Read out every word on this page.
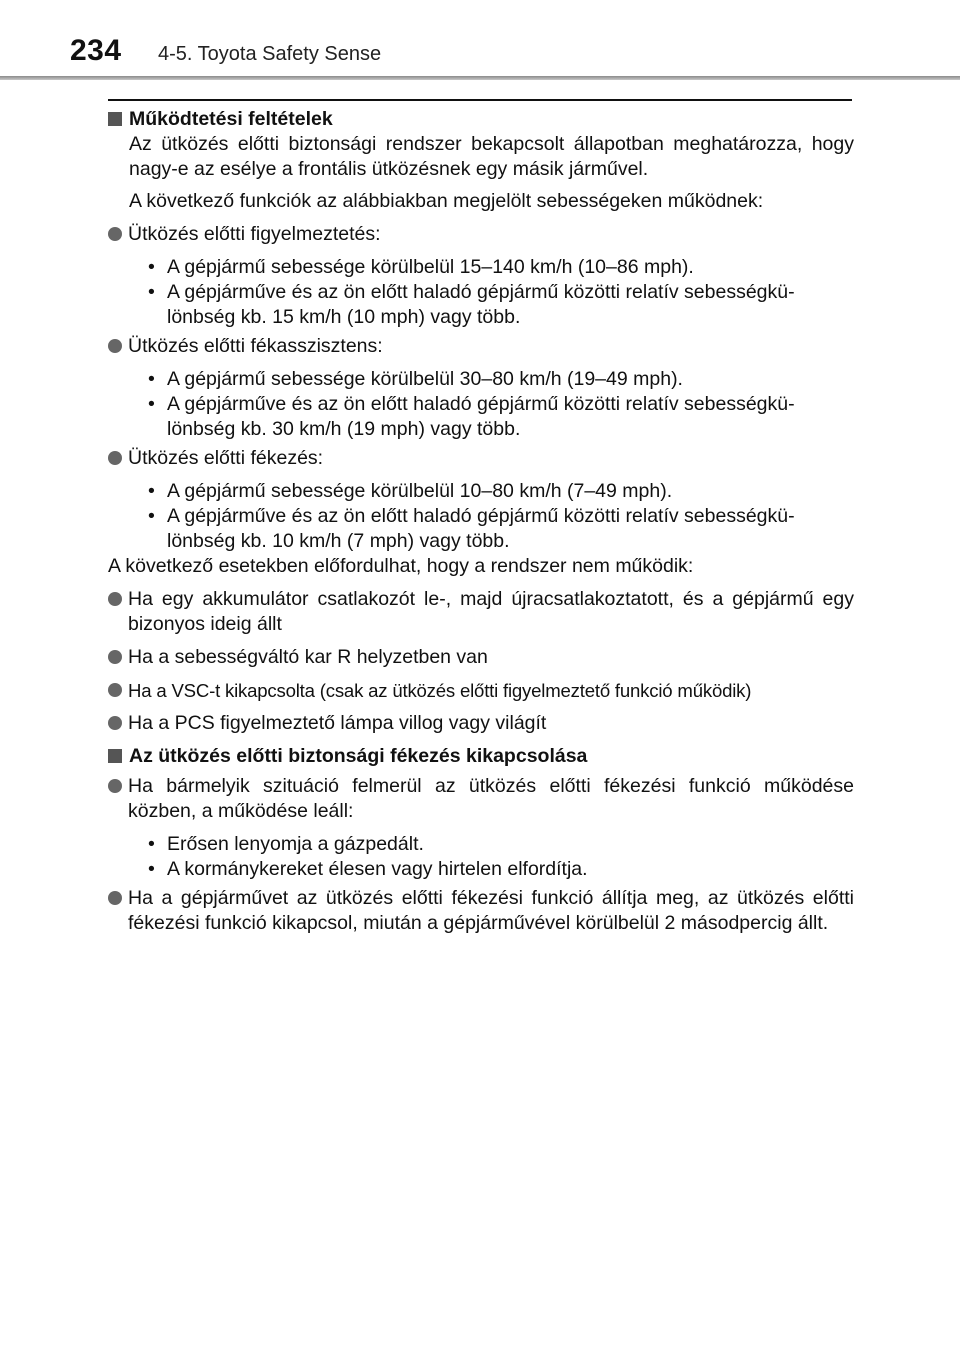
234 4-5. Toyota Safety Sense
Működtetési feltételek

Az ütközés előtti biztonsági rendszer bekapcsolt állapotban meghatározza, hogy nagy-e az esélye a frontális ütközésnek egy másik járművel.

A következő funkciók az alábbiakban megjelölt sebességeken működnek:

Ütközés előtti figyelmeztetés:
• A gépjármű sebessége körülbelül 15–140 km/h (10–86 mph).
• A gépjárműve és az ön előtt haladó gépjármű közötti relatív sebességkülönbség kb. 15 km/h (10 mph) vagy több.
Ütközés előtti fékasszisztens:
• A gépjármű sebessége körülbelül 30–80 km/h (19–49 mph).
• A gépjárműve és az ön előtt haladó gépjármű közötti relatív sebességkülönbség kb. 30 km/h (19 mph) vagy több.
Ütközés előtti fékezés:
• A gépjármű sebessége körülbelül 10–80 km/h (7–49 mph).
• A gépjárműve és az ön előtt haladó gépjármű közötti relatív sebességkülönbség kb. 10 km/h (7 mph) vagy több.

A következő esetekben előfordulhat, hogy a rendszer nem működik:

Ha egy akkumulátor csatlakozót le-, majd újracsatlakoztatott, és a gépjármű egy bizonyos ideig állt
Ha a sebességváltó kar R helyzetben van
Ha a VSC-t kikapcsolta (csak az ütközés előtti figyelmeztető funkció működik)
Ha a PCS figyelmeztető lámpa villog vagy világít
Az ütközés előtti biztonsági fékezés kikapcsolása
Ha bármelyik szituáció felmerül az ütközés előtti fékezési funkció működése közben, a működése leáll:
• Erősen lenyomja a gázpedált.
• A kormánykereket élesen vagy hirtelen elfordítja.
Ha a gépjárművet az ütközés előtti fékezési funkció állítja meg, az ütközés előtti fékezési funkció kikapcsol, miután a gépjárművével körülbelül 2 másodpercig állt.
